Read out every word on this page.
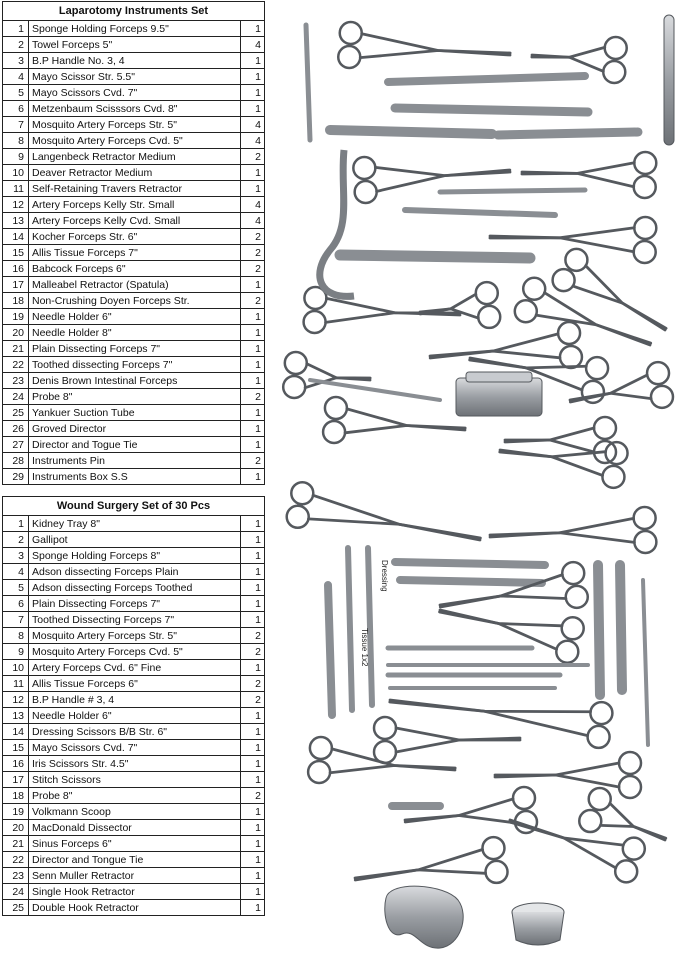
Laparotomy Instruments Set		
1	Sponge Holding Forceps 9.5"	1
2	Towel Forceps 5"	4
3	B.P Handle No. 3, 4	1
4	Mayo Scissor Str. 5.5"	1
5	Mayo Scissors Cvd. 7"	1
6	Metzenbaum Scisssors Cvd. 8"	1
7	Mosquito Artery Forceps Str. 5"	4
8	Mosquito Artery Forceps Cvd. 5"	4
9	Langenbeck Retractor Medium	2
10	Deaver Retractor Medium	1
11	Self-Retaining Travers Retractor	1
12	Artery Forceps Kelly Str. Small	4
13	Artery Forceps Kelly Cvd. Small	4
14	Kocher Forceps Str. 6"	2
15	Allis Tissue Forceps 7"	2
16	Babcock Forceps 6"	2
17	Malleabel Retractor (Spatula)	1
18	Non-Crushing Doyen Forceps Str.	2
19	Needle Holder 6"	1
20	Needle Holder 8"	1
21	Plain Dissecting Forceps 7"	1
22	Toothed dissecting Forceps 7"	1
23	Denis Brown Intestinal Forceps	1
24	Probe 8"	2
25	Yankuer Suction Tube	1
26	Groved Director	1
27	Director and Togue Tie	1
28	Instruments Pin	2
29	Instruments Box S.S	1
Wound Surgery Set of 30 Pcs		
1	Kidney Tray 8"	1
2	Gallipot	1
3	Sponge Holding Forceps 8"	1
4	Adson dissecting Forceps Plain	1
5	Adson dissecting Forceps Toothed	1
6	Plain Dissecting Forceps 7"	1
7	Toothed Dissecting Forceps 7"	1
8	Mosquito Artery Forceps Str. 5"	2
9	Mosquito Artery Forceps Cvd. 5"	2
10	Artery Forceps Cvd. 6" Fine	1
11	Allis Tissue Forceps 6"	2
12	B.P Handle # 3, 4	2
13	Needle Holder 6"	1
14	Dressing Scissors B/B Str. 6"	1
15	Mayo Scissors Cvd. 7"	1
16	Iris Scissors Str. 4.5"	1
17	Stitch Scissors	1
18	Probe 8"	2
19	Volkmann Scoop	1
20	MacDonald Dissector	1
21	Sinus Forceps 6"	1
22	Director and Tongue Tie	1
23	Senn Muller Retractor	1
24	Single Hook Retractor	1
25	Double Hook Retractor	1
Tissue 1x2
Dressing
